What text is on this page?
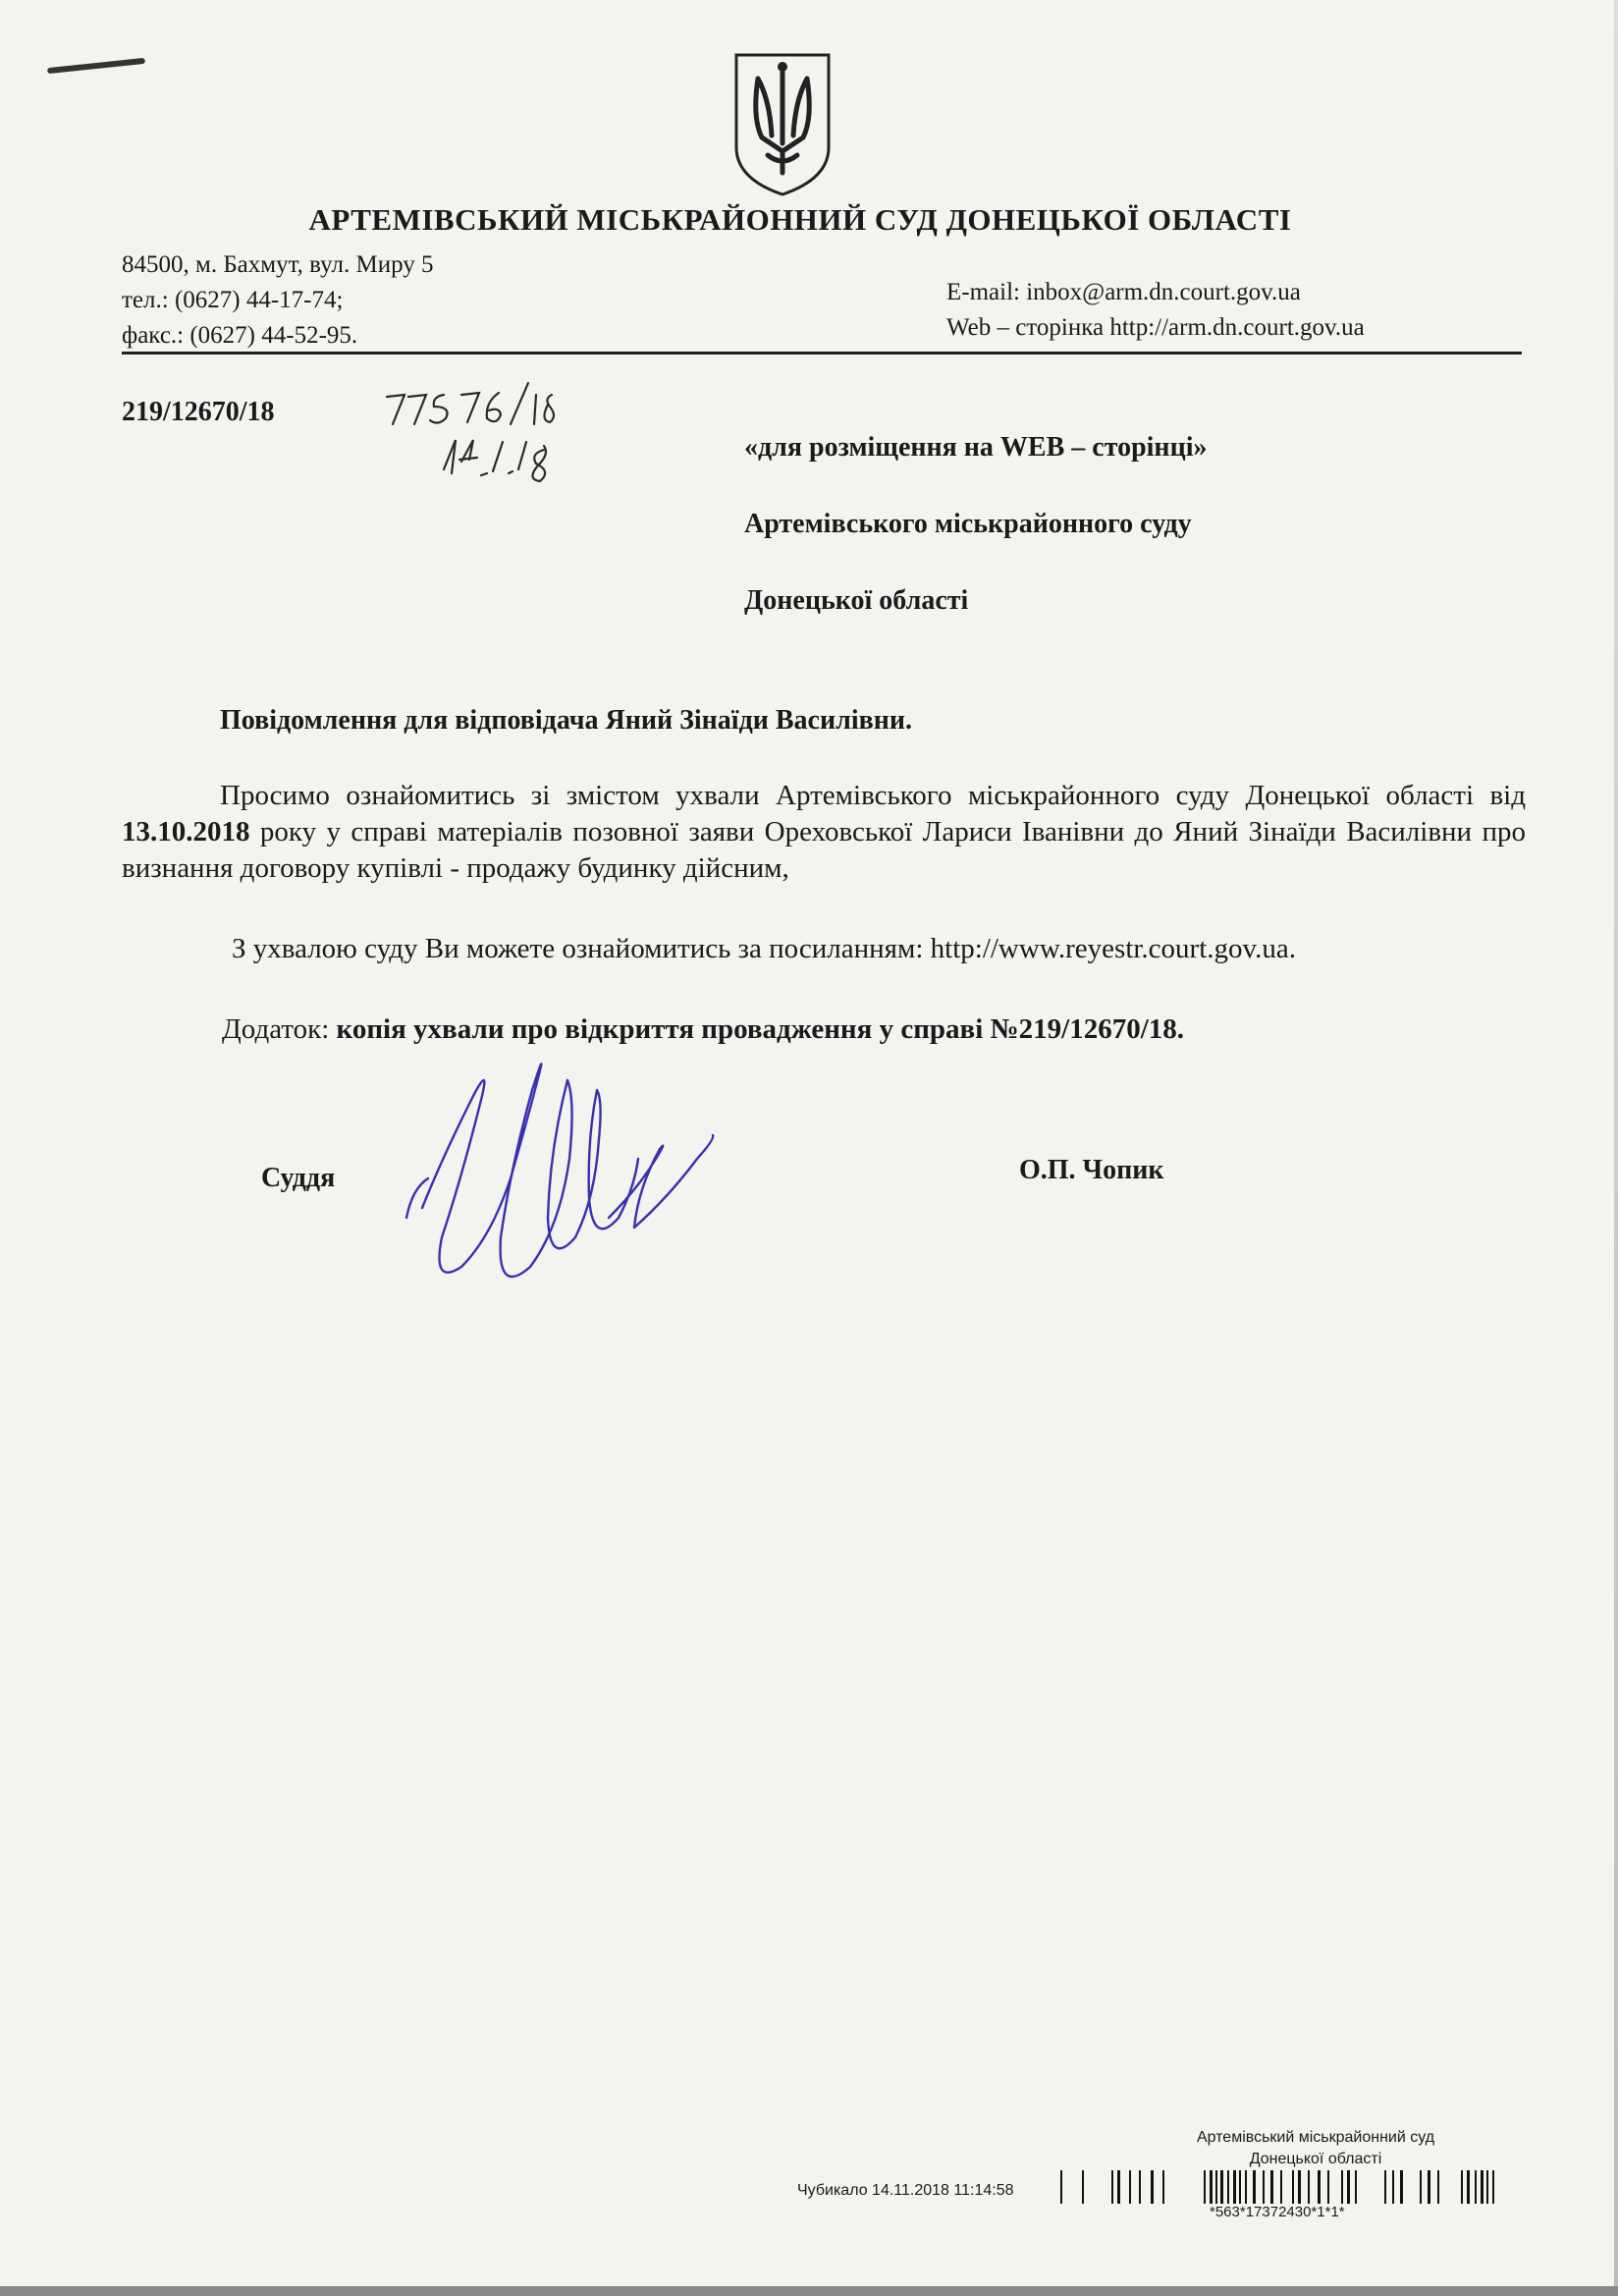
АРТЕМІВСЬКИЙ МІСЬКРАЙОННИЙ СУД ДОНЕЦЬКОЇ ОБЛАСТІ
84500, м. Бахмут, вул. Миру 5
тел.: (0627) 44-17-74;
факс.: (0627) 44-52-95.
E-mail: inbox@arm.dn.court.gov.ua
Web – сторінка http://arm.dn.court.gov.ua
219/12670/18
«для розміщення на WEB – сторінці»
Артемівського міськрайонного суду
Донецької області
Повідомлення для відповідача Яний Зінаїди Василівни.
Просимо ознайомитись зі змістом ухвали Артемівського міськрайонного суду Донецької області від 13.10.2018 року у справі матеріалів позовної заяви Ореховської Лариси Іванівни до Яний Зінаїди Василівни про визнання договору купівлі - продажу будинку дійсним,
З ухвалою суду Ви можете ознайомитись за посиланням: http://www.reyestr.court.gov.ua.
Додаток: копія ухвали про відкриття провадження у справі №219/12670/18.
Суддя	О.П. Чопик
Артемівський міськрайонний суд
Донецької області
Чубикало 14.11.2018 11:14:58
*563*17372430*1*1*
